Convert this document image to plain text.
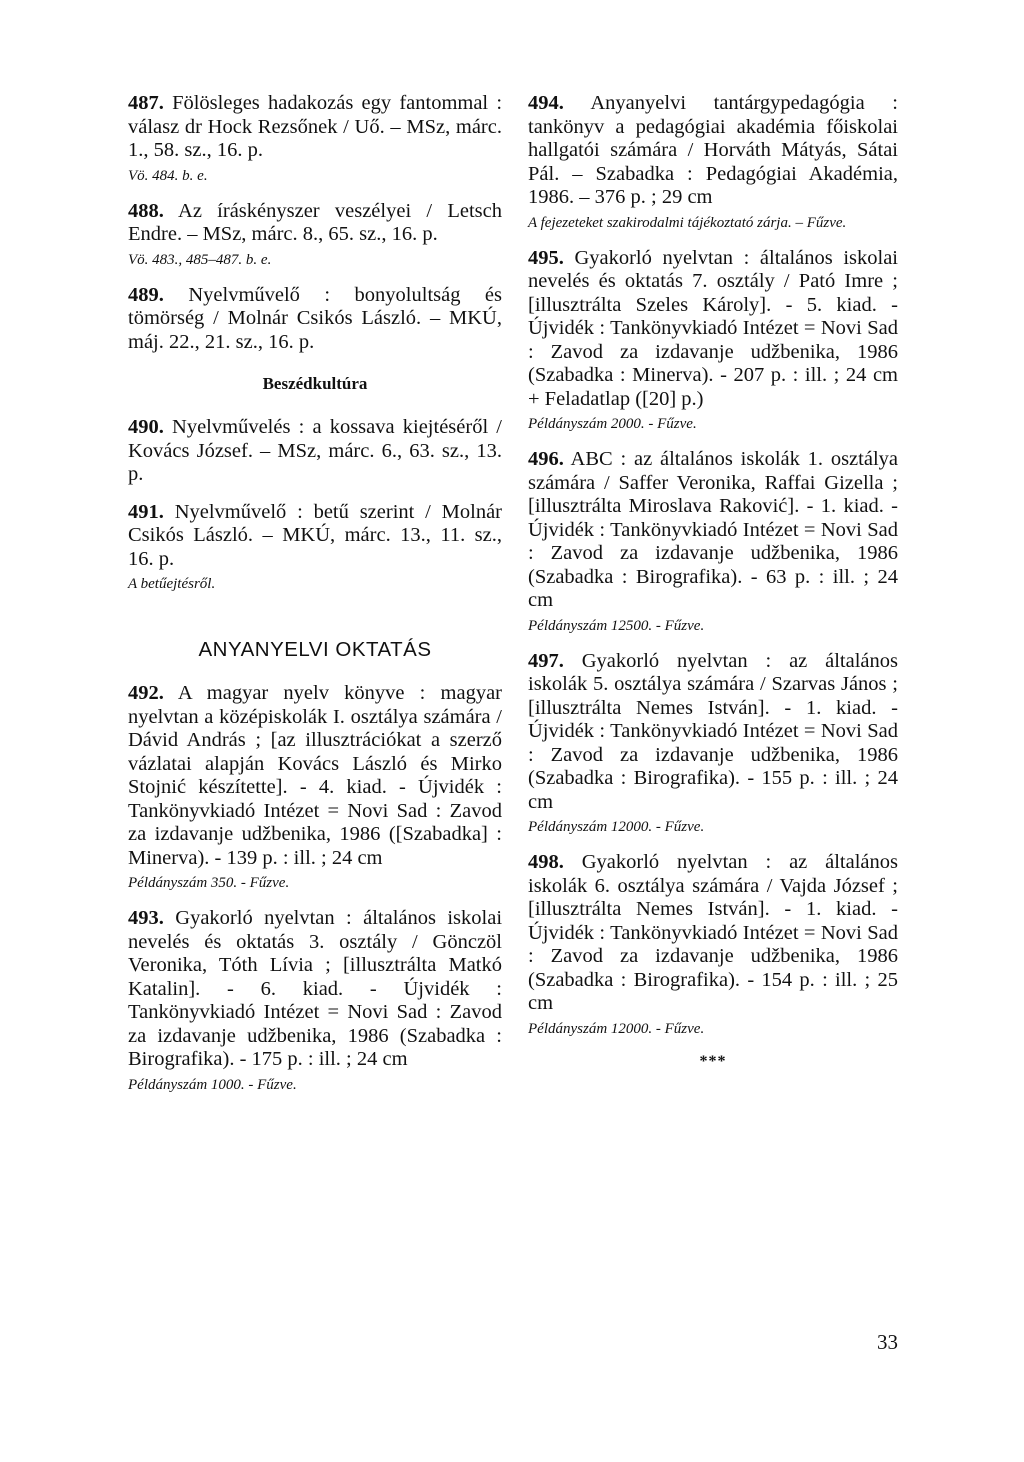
487. Fölösleges hadakozás egy fantommal : válasz dr Hock Rezsőnek / Uő. – MSz, márc. 1., 58. sz., 16. p.
Vö. 484. b. e.
488. Az íráskényszer veszélyei / Letsch Endre. – MSz, márc. 8., 65. sz., 16. p.
Vö. 483., 485–487. b. e.
489. Nyelvművelő : bonyolultság és tömörség / Molnár Csikós László. – MKÚ, máj. 22., 21. sz., 16. p.
Beszédkultúra
490. Nyelvművelés : a kossava kiejtéséről / Kovács József. – MSz, márc. 6., 63. sz., 13. p.
491. Nyelvművelő : betű szerint / Molnár Csikós László. – MKÚ, márc. 13., 11. sz., 16. p.
A betűejtésről.
ANYANYELVI OKTATÁS
492. A magyar nyelv könyve : magyar nyelvtan a középiskolák I. osztálya számára / Dávid András ; [az illusztrációkat a szerző vázlatai alapján Kovács László és Mirko Stojnić készítette]. - 4. kiad. - Újvidék : Tankönyvkiadó Intézet = Novi Sad : Zavod za izdavanje udžbenika, 1986 ([Szabadka] : Minerva). - 139 p. : ill. ; 24 cm
Példányszám 350. - Fűzve.
493. Gyakorló nyelvtan : általános iskolai nevelés és oktatás 3. osztály / Gönczöl Veronika, Tóth Lívia ; [illusztrálta Matkó Katalin]. - 6. kiad. - Újvidék : Tankönyvkiadó Intézet = Novi Sad : Zavod za izdavanje udžbenika, 1986 (Szabadka : Birografika). - 175 p. : ill. ; 24 cm
Példányszám 1000. - Fűzve.
494. Anyanyelvi tantárgypedagógia : tankönyv a pedagógiai akadémia főiskolai hallgatói számára / Horváth Mátyás, Sátai Pál. – Szabadka : Pedagógiai Akadémia, 1986. – 376 p. ; 29 cm
A fejezeteket szakirodalmi tájékoztató zárja. – Fűzve.
495. Gyakorló nyelvtan : általános iskolai nevelés és oktatás 7. osztály / Pató Imre ; [illusztrálta Szeles Károly]. - 5. kiad. - Újvidék : Tankönyvkiadó Intézet = Novi Sad : Zavod za izdavanje udžbenika, 1986 (Szabadka : Minerva). - 207 p. : ill. ; 24 cm + Feladatlap ([20] p.)
Példányszám 2000. - Fűzve.
496. ABC : az általános iskolák 1. osztálya számára / Saffer Veronika, Raffai Gizella ; [illusztrálta Miroslava Raković]. - 1. kiad. - Újvidék : Tankönyvkiadó Intézet = Novi Sad : Zavod za izdavanje udžbenika, 1986 (Szabadka : Birografika). - 63 p. : ill. ; 24 cm
Példányszám 12500. - Fűzve.
497. Gyakorló nyelvtan : az általános iskolák 5. osztálya számára / Szarvas János ; [illusztrálta Nemes István]. - 1. kiad. - Újvidék : Tankönyvkiadó Intézet = Novi Sad : Zavod za izdavanje udžbenika, 1986 (Szabadka : Birografika). - 155 p. : ill. ; 24 cm
Példányszám 12000. - Fűzve.
498. Gyakorló nyelvtan : az általános iskolák 6. osztálya számára / Vajda József ; [illusztrálta Nemes István]. - 1. kiad. - Újvidék : Tankönyvkiadó Intézet = Novi Sad : Zavod za izdavanje udžbenika, 1986 (Szabadka : Birografika). - 154 p. : ill. ; 25 cm
Példányszám 12000. - Fűzve.
***
33
